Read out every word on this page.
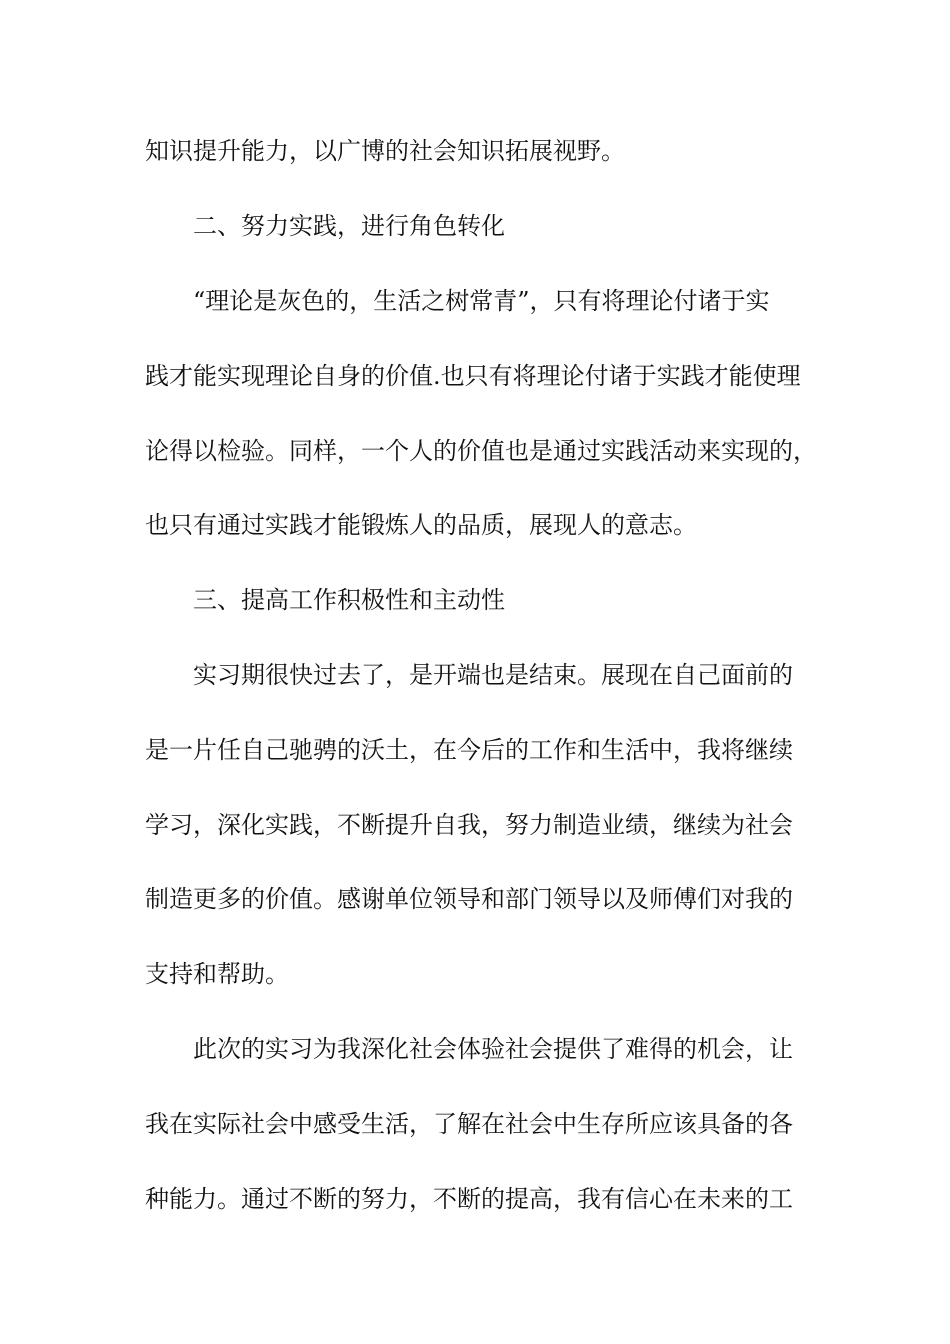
知识提升能力，以广博的社会知识拓展视野。
二、努力实践，进行角色转化
“理论是灰色的，生活之树常青”，只有将理论付诸于实
践才能实现理论自身的价值.也只有将理论付诸于实践才能使理
论得以检验。同样，一个人的价值也是通过实践活动来实现的，
也只有通过实践才能锻炼人的品质，展现人的意志。
三、提高工作积极性和主动性
实习期很快过去了，是开端也是结束。展现在自己面前的
是一片任自己驰骋的沃土，在今后的工作和生活中，我将继续
学习，深化实践，不断提升自我，努力制造业绩，继续为社会
制造更多的价值。感谢单位领导和部门领导以及师傅们对我的
支持和帮助。
此次的实习为我深化社会体验社会提供了难得的机会，让
我在实际社会中感受生活，了解在社会中生存所应该具备的各
种能力。通过不断的努力，不断的提高，我有信心在未来的工
